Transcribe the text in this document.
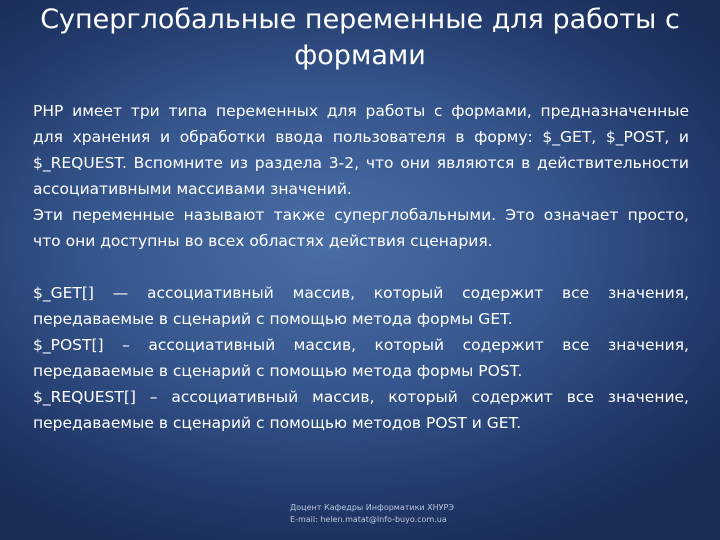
Суперглобальные переменные для работы с формами

PHP имеет три типа переменных для работы с формами, предназначенные для хранения и обработки ввода пользователя в форму: $_GET, $_POST, и $_REQUEST. Вспомните из раздела 3-2, что они являются в действительности ассоциативными массивами значений.

Эти переменные называют также суперглобальными. Это означает просто, что они доступны во всех областях действия сценария.

$_GET[] — ассоциативный массив, который содержит все значения, передаваемые в сценарий с помощью метода формы GET.

$_POST[] – ассоциативный массив, который содержит все значения, передаваемые в сценарий с помощью метода формы POST.

$_REQUEST[] – ассоциативный массив, который содержит все значение, передаваемые в сценарий с помощью методов POST и GET.

Доцент Кафедры Информатики ХНУРЭ
E-mail: helen.matat@lnfo-buyo.com.ua
